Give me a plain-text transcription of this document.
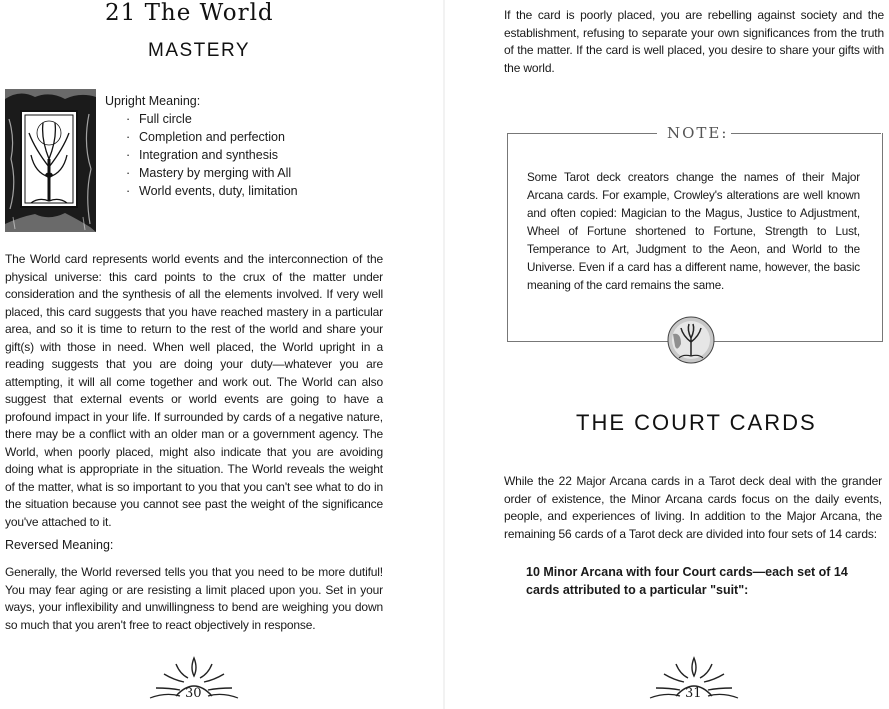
21 The World
MASTERY
Upright Meaning:
· Full circle
· Completion and perfection
· Integration and synthesis
· Mastery by merging with All
· World events, duty, limitation

The World card represents world events and the interconnection of the physical universe: this card points to the crux of the matter under consideration and the synthesis of all the elements involved. If very well placed, this card suggests that you have reached mastery in a particular area, and so it is time to return to the rest of the world and share your gift(s) with those in need. When well placed, the World upright in a reading suggests that you are doing your duty—whatever you are attempting, it will all come together and work out. The World can also suggest that external events or world events are going to have a profound impact in your life. If surrounded by cards of a negative nature, there may be a conflict with an older man or a government agency. The World, when poorly placed, might also indicate that you are avoiding doing what is appropriate in the situation. The World reveals the weight of the matter, what is so important to you that you can't see what to do in the situation because you cannot see past the weight of the significance you've attached to it.

Reversed Meaning:

Generally, the World reversed tells you that you need to be more dutiful! You may fear aging or are resisting a limit placed upon you. Set in your ways, your inflexibility and unwillingness to bend are weighing you down so much that you aren't free to react objectively in response.

30

If the card is poorly placed, you are rebelling against society and the establishment, refusing to separate your own significances from the truth of the matter. If the card is well placed, you desire to share your gifts with the world.

NOTE:

Some Tarot deck creators change the names of their Major Arcana cards. For example, Crowley's alterations are well known and often copied: Magician to the Magus, Justice to Adjustment, Wheel of Fortune shortened to Fortune, Strength to Lust, Temperance to Art, Judgment to the Aeon, and World to the Universe. Even if a card has a different name, however, the basic meaning of the card remains the same.

THE COURT CARDS

While the 22 Major Arcana cards in a Tarot deck deal with the grander order of existence, the Minor Arcana cards focus on the daily events, people, and experiences of living. In addition to the Major Arcana, the remaining 56 cards of a Tarot deck are divided into four sets of 14 cards:

10 Minor Arcana with four Court cards—each set of 14 cards attributed to a particular "suit":

31
